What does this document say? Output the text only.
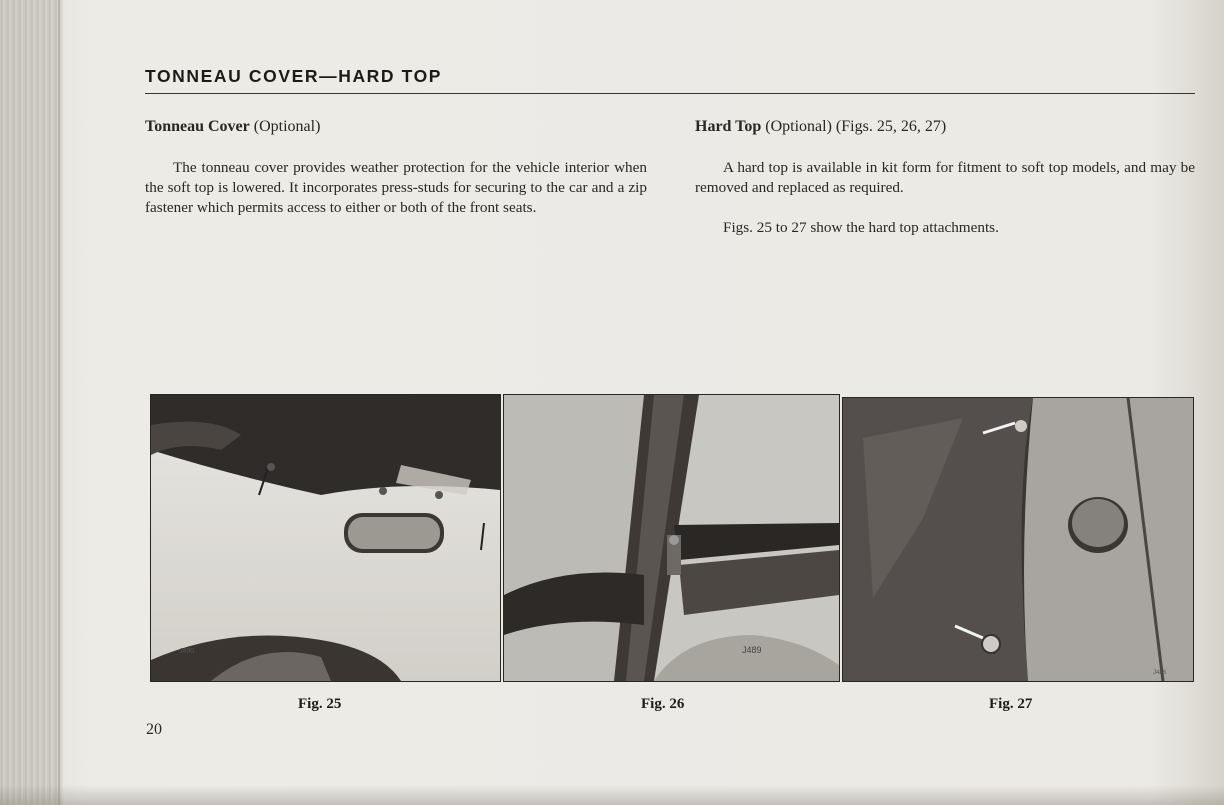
TONNEAU COVER—HARD TOP
Tonneau Cover (Optional)
The tonneau cover provides weather protection for the vehicle interior when the soft top is lowered. It incorporates press-studs for securing to the car and a zip fastener which permits access to either or both of the front seats.
Hard Top (Optional) (Figs. 25, 26, 27)
A hard top is available in kit form for fitment to soft top models, and may be removed and replaced as required.
Figs. 25 to 27 show the hard top attachments.
J490	J489
J488
Fig. 25	Fig. 26	Fig. 27
20
